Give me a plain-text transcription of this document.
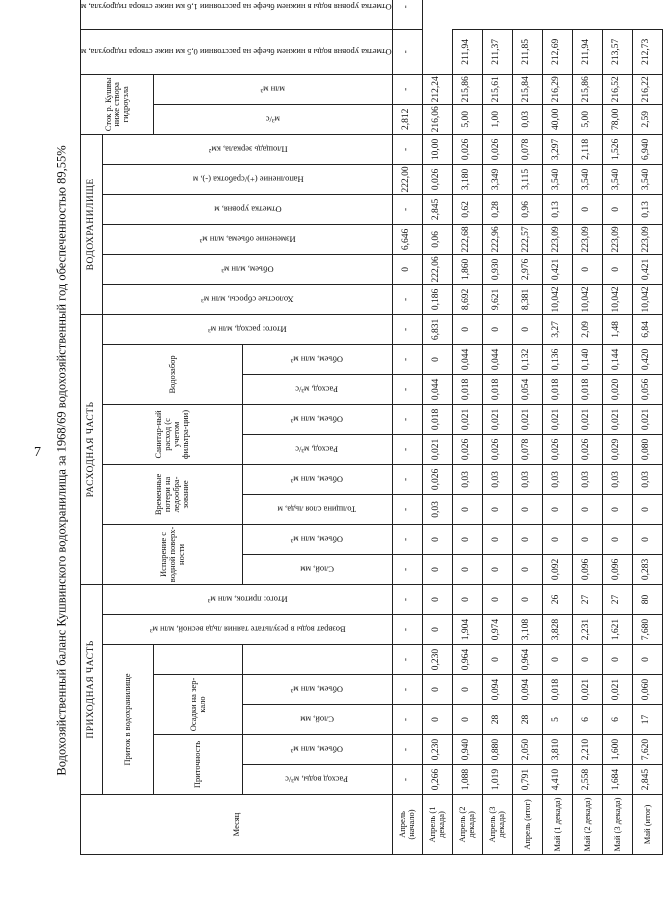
7 Водохозяйственный баланс Кушвинского водохранилища за 1968/69 водохозяйственный год обеспеченностью 89,55%
Месяц	ПРИХОДНАЯ ЧАСТЬ							РАСХОДНАЯ ЧАСТЬ									ВОДОХРАНИЛИЩЕ						Сток р. Кушвы ниже створа гидроузла		Отметка уровня воды в нижнем бьефе на расстоянии 0,5 км ниже створа гидроузла, м	Отметка уровня воды в нижнем бьефе на расстоянии 1,6 км ниже створа гидроузла, м	
	Приток в водохранилище					Возврат воды в результате таяния льда весной, млн м³	Итого: приток, млн м³	Испарение с водной поверх-ности		Временные потери на ледообра-зование		Санитар-ный расход (с учетом фильтра-ции)		Водозабор		Итого: расход, млн м³	Холостые сбросы, млн м³	Объем, млн м³	Изменение объема, млн м³	Отметка уровня, м	Наполнение (+)/сработка (-), м	Площадь зеркала, км²					
	Приточность		Осадки на зер-кало																				м³/с	млн м³			
	Расход воды, м³/с	Объем, млн м³	Слой, мм	Объем, млн м³				Слой, мм	Объем, млн м³	Толщина слоя льда, м	Объем, млн м³	Расход, м³/с	Объем, млн м³	Расход, м³/с	Объем, млн м³												
Апрель (начало)	-	-	-	-	-	-	-	-	-	-	-	-	-	-	-	-	-	0	6,646	-	222,00	-	2,812	-	-	-	
Апрель (1 декада)	0,266	0,230	0	0	0,230	0	0	0	0	0,03	0,026	0,021	0,018	0,044	0	6,831	0,186	222,06	0,06	2,845	0,026	10,00	216,06	212,24			
Апрель (2 декада)	1,088	0,940	0	0	0,964	1,904	0	0	0	0	0,03	0,026	0,021	0,018	0,044	0	8,692	1,860	222,68	0,62	3,180	0,026	5,00	215,86	211,94		
Апрель (3 декада)	1,019	0,880	28	0,094	0	0,974	0	0	0	0	0,03	0,026	0,021	0,018	0,044	0	9,621	0,930	222,96	0,28	3,349	0,026	1,00	215,61	211,37		
Апрель (итог)	0,791	2,050	28	0,094	0,964	3,108	0	0	0	0	0,03	0,078	0,021	0,054	0,132	0	8,381	2,976	222,57	0,96	3,115	0,078	0,03	215,84	211,85		
Май (1 декада)	4,410	3,810	5	0,018	0	3,828	26	0,092	0	0	0,03	0,026	0,021	0,018	0,136	3,27	10,042	0,421	223,09	0,13	3,540	3,297	40,00	216,29	212,69		
Май (2 декада)	2,558	2,210	6	0,021	0	2,231	27	0,096	0	0	0,03	0,026	0,021	0,018	0,140	2,09	10,042	0	223,09	0	3,540	2,118	5,00	215,86	211,94		
Май (3 декада)	1,684	1,600	6	0,021	0	1,621	27	0,096	0	0	0,03	0,029	0,021	0,020	0,144	1,48	10,042	0	223,09	0	3,540	1,526	78,00	216,52	213,57		
Май (итог)	2,845	7,620	17	0,060	0	7,680	80	0,283	0	0	0,03	0,080	0,021	0,056	0,420	6,84	10,042	0,421	223,09	0,13	3,540	6,940	2,59	216,22	212,73		
